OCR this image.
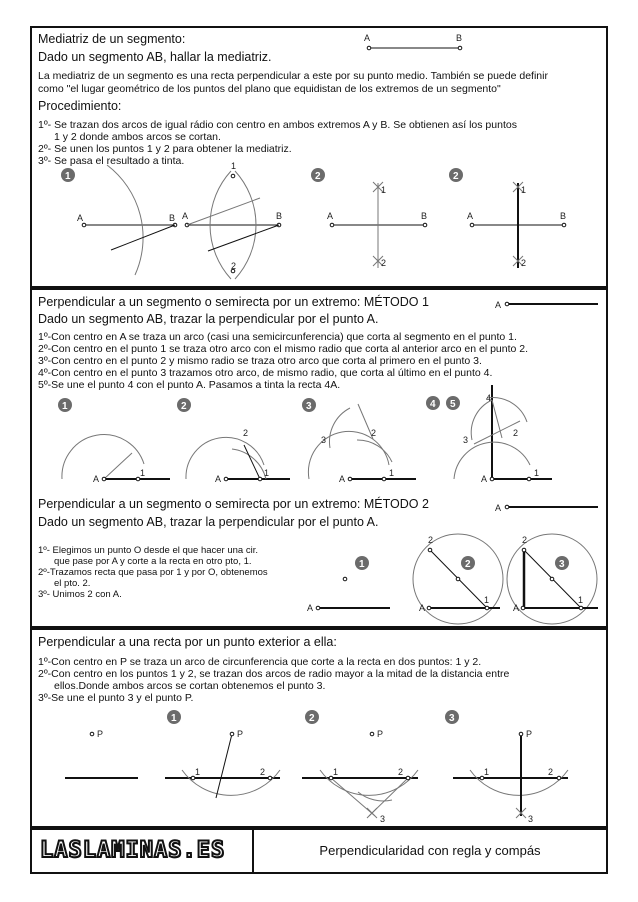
Mediatriz de un segmento:
Dado un segmento AB, hallar la mediatriz.
La mediatriz de un segmento es una recta perpendicular a este por su punto medio. También se puede definir
como "el lugar geométrico de los puntos del plano que equidistan de los extremos de un segmento"
Procedimiento:
1º- Se trazan dos arcos de igual rádio con centro en ambos extremos A y B. Se obtienen así los puntos
1 y 2 donde ambos arcos se cortan.
2º- Se unen los puntos 1 y 2 para obtener la mediatriz.
3º- Se pasa el resultado a tinta.
A	B
1
A	B A	B
1
2
2
A	B
1
2
2
A	B
1
2
Perpendicular a un segmento o semirecta por un extremo: MÉTODO 1
Dado un segmento AB, trazar la perpendicular por el punto A.
1º-Con centro en A se traza un arco (casi una semicircunferencia) que corta al segmento en el punto 1.
2º-Con centro en el punto 1 se traza otro arco con el mismo radio que corta al anterior arco en el punto 2.
3º-Con centro en el punto 2 y mismo radio se traza otro arco que corta al primero en el punto 3.
4º-Con centro en el punto 3 trazamos otro arco, de mismo radio, que corta al último en el punto 4.
5º-Se une el punto 4 con el punto A. Pasamos a tinta la recta 4A.
Perpendicular a un segmento o semirecta por un extremo: MÉTODO 2
Dado un segmento AB, trazar la perpendicular por el punto A.
1º- Elegimos un punto O desde el que hacer una cir.
que pase por A y corte a la recta en otro pto, 1.
2º-Trazamos recta que pasa por 1 y por O, obtenemos
el pto. 2.
3º- Unimos 2 con A.
A
1
A
1
2
A
1
2
3
A
1
2
3
4 5
A
1
2
3
4
A
1
A
2
A
1
2
3
A
1
2
Perpendicular a una recta por un punto exterior a ella:
1º-Con centro en P se traza un arco de circunferencia que corte a la recta en dos puntos: 1 y 2.
2º-Con centro en los puntos 1 y 2, se trazan dos arcos de radio mayor a la mitad de la distancia entre
ellos.Donde ambos arcos se cortan obtenemos el punto 3.
3º-Se une el punto 3 y el punto P.
P
1
P
1	2
2
P
1	2
3
3
P
1	2
3
LASLAMINAS.ES	Perpendicularidad con regla y compás
